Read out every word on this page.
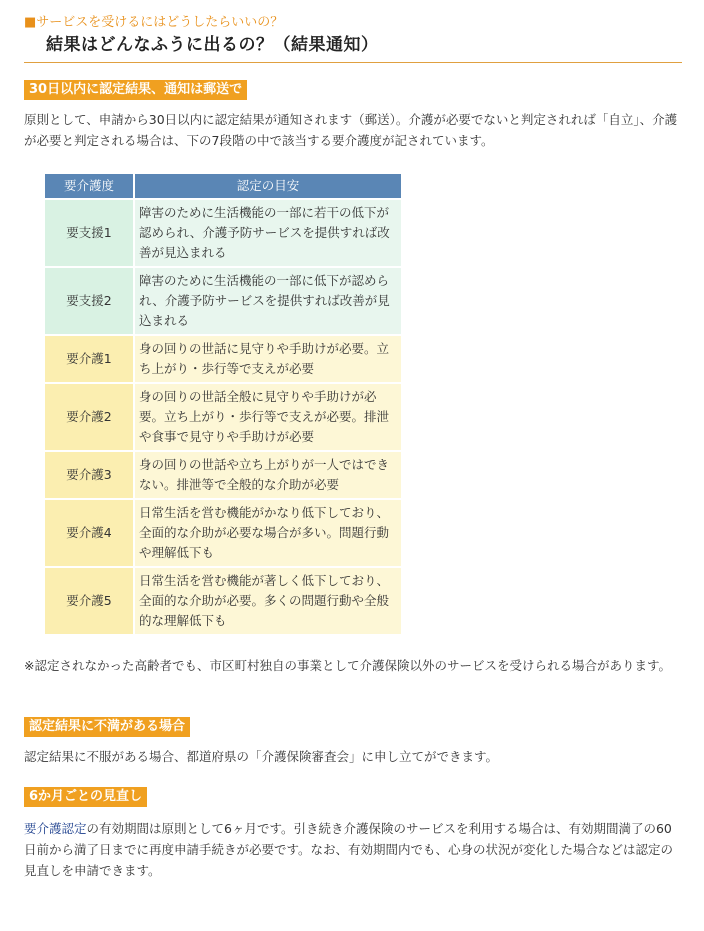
■サービスを受けるにはどうしたらいいの？
結果はどんなふうに出るの？（結果通知）
30日以内に認定結果、通知は郵送で
原則として、申請から30日以内に認定結果が通知されます（郵送）。介護が必要でないと判定されれば「自立」、介護が必要と判定される場合は、下の7段階の中で該当する要介護度が記されています。
要介護度	認定の目安
要支援1	障害のために生活機能の一部に若干の低下が認められ、介護予防サービスを提供すれば改善が見込まれる
要支援2	障害のために生活機能の一部に低下が認められ、介護予防サービスを提供すれば改善が見込まれる
要介護1	身の回りの世話に見守りや手助けが必要。立ち上がり・歩行等で支えが必要
要介護2	身の回りの世話全般に見守りや手助けが必要。立ち上がり・歩行等で支えが必要。排泄や食事で見守りや手助けが必要
要介護3	身の回りの世話や立ち上がりが一人ではできない。排泄等で全般的な介助が必要
要介護4	日常生活を営む機能がかなり低下しており、全面的な介助が必要な場合が多い。問題行動や理解低下も
要介護5	日常生活を営む機能が著しく低下しており、全面的な介助が必要。多くの問題行動や全般的な理解低下も
※認定されなかった高齢者でも、市区町村独自の事業として介護保険以外のサービスを受けられる場合があります。
認定結果に不満がある場合
認定結果に不服がある場合、都道府県の「介護保険審査会」に申し立てができます。
6か月ごとの見直し
要介護認定の有効期間は原則として6ヶ月です。引き続き介護保険のサービスを利用する場合は、有効期間満了の60日前から満了日までに再度申請手続きが必要です。なお、有効期間内でも、心身の状況が変化した場合などは認定の見直しを申請できます。
